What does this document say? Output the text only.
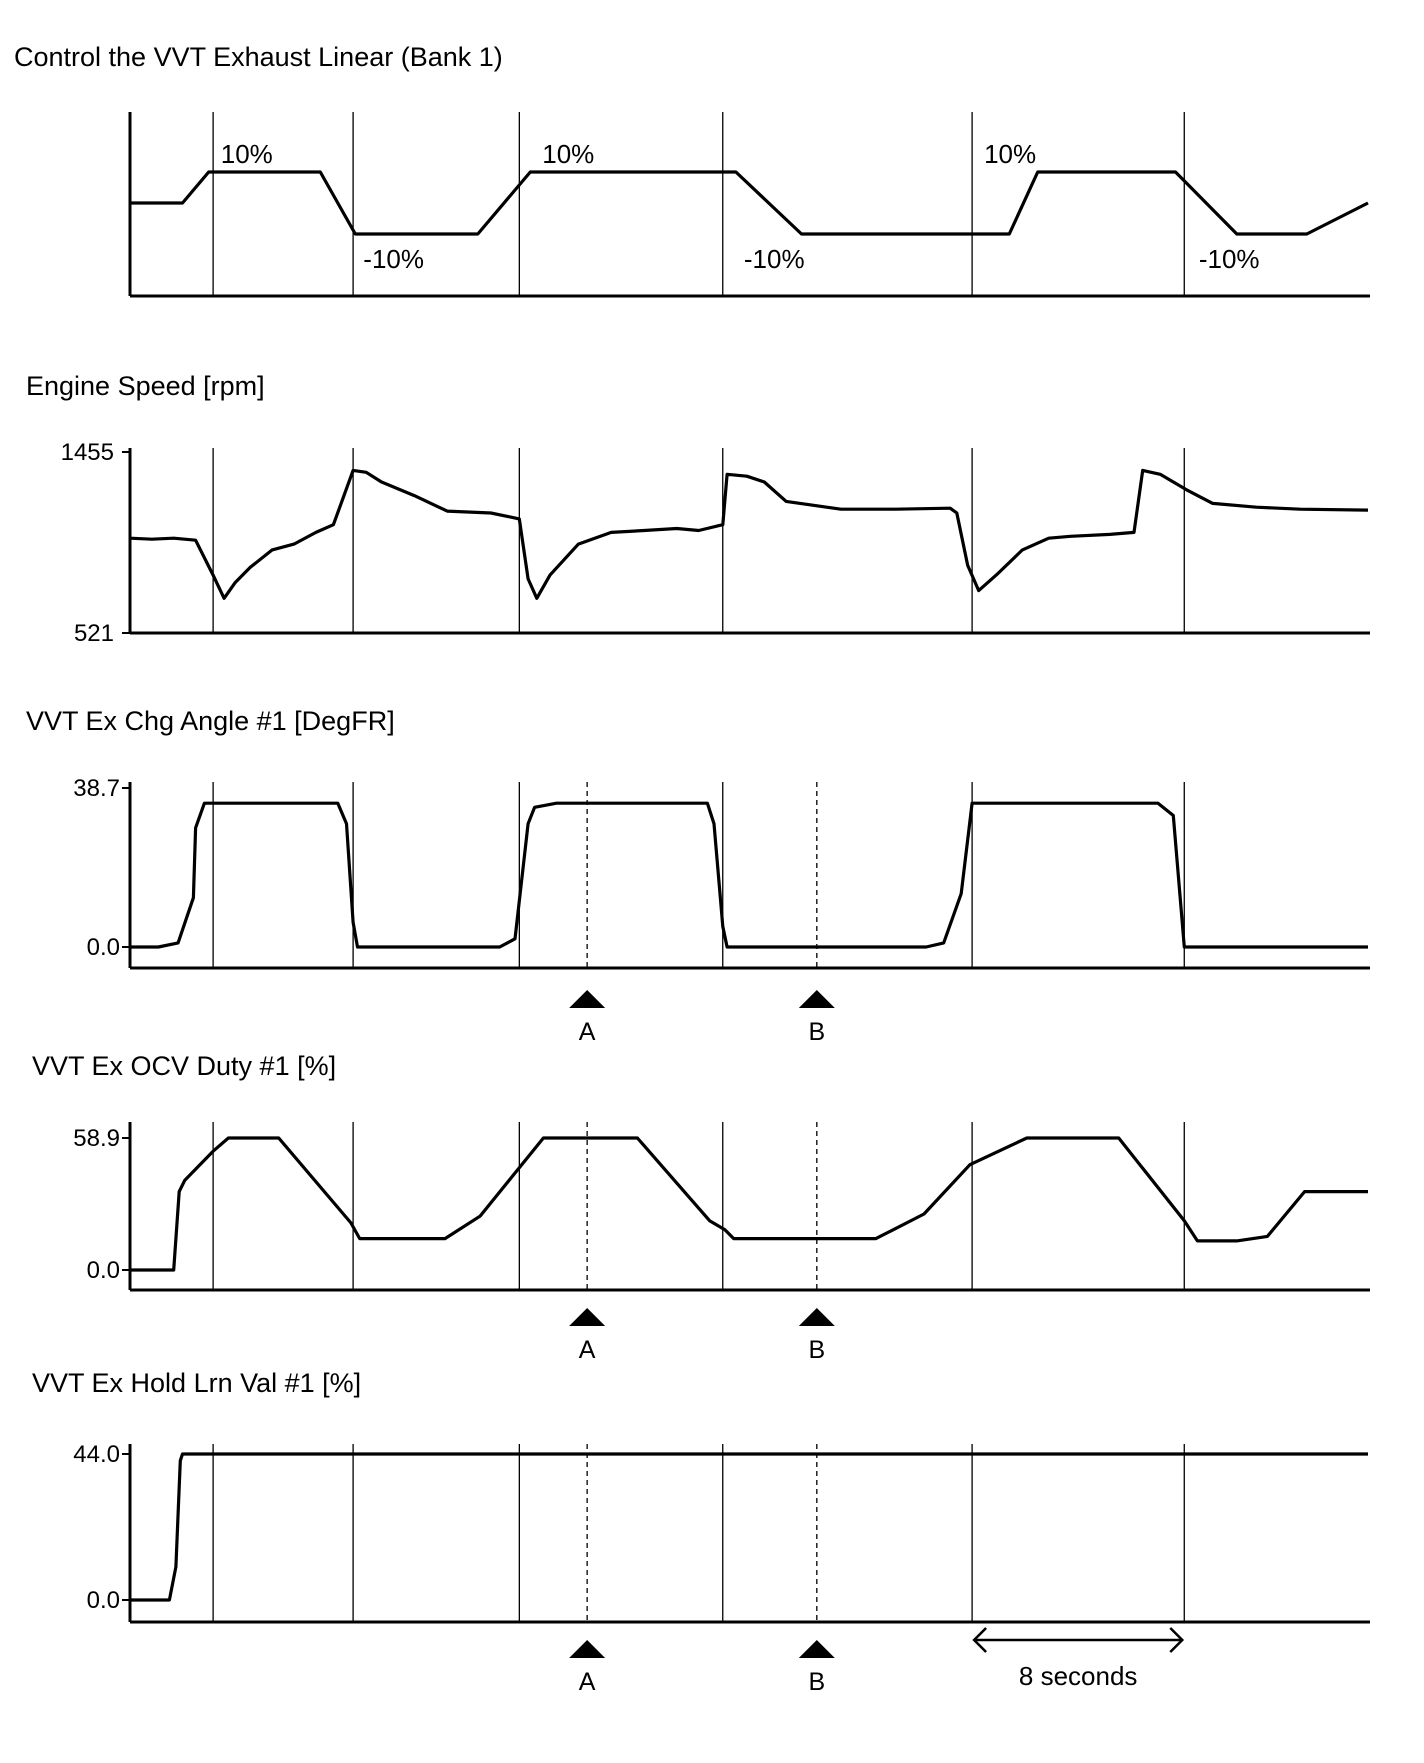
Control the VVT Exhaust Linear (Bank 1)
10%
-10%
10%
-10%
10%
-10%
Engine Speed [rpm]
1455
521
VVT Ex Chg Angle #1 [DegFR]
38.7
0.0
A	B
VVT Ex OCV Duty #1 [%]
58.9
0.0
A	B
VVT Ex Hold Lrn Val #1 [%]
44.0
0.0
A	B	8 seconds
